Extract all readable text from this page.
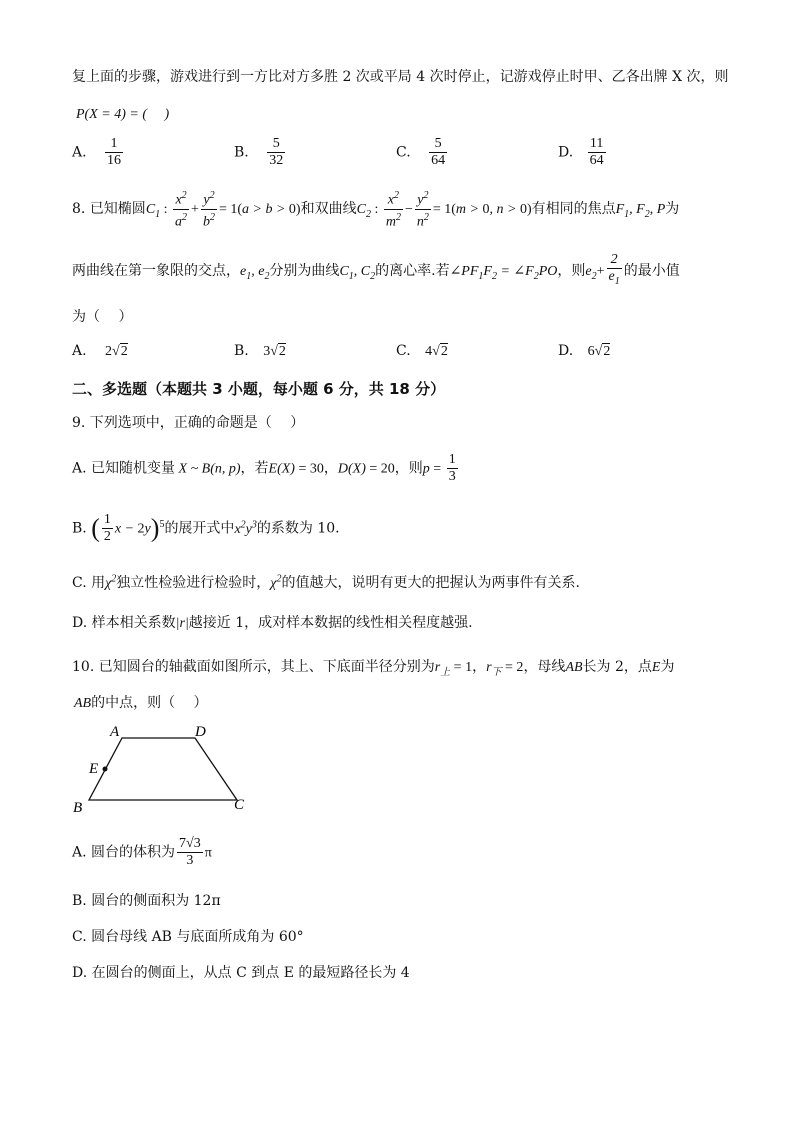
复上面的步骤，游戏进行到一方比对方多胜 2 次或平局 4 次时停止，记游戏停止时甲、乙各出牌 X 次，则
P(X = 4) = (　 )
A. $\frac{1}{16}$	B. $\frac{5}{32}$	C. $\frac{5}{64}$	D. $\frac{11}{64}$
8. 已知椭圆$C_1$ : $\frac{x^2}{a^2} + \frac{y^2}{b^2} = 1(a > b > 0)$和双曲线$C_2$ : $\frac{x^2}{m^2} - \frac{y^2}{n^2} = 1(m > 0$, n > 0)有相同的焦点$F_1$, $F_2$, P为
两曲线在第一象限的交点，$e_1$, $e_2$分别为曲线$C_1$, $C_2$的离心率.若$\angle PF_1F_2$ = $\angle F_2PO$，则$e_2+ \frac{2}{e_1}$ 的最小值
为（　 ）
A. 2√2	B. 3√2	C. 4√2	D. 6√2
二、多选题（本题共 3 小题，每小题 6 分，共 18 分）
9. 下列选项中，正确的命题是（　 ）
A. 已知随机变量 X ~ B(n, p)，若E(X) = 30，D(X) = 20，则$p = \frac{1}{3}$
B. ( $\frac{1}{2}$ x − 2y)$^5$的展开式中$x^2y^3$的系数为 10.
C. 用$\chi^2$独立性检验进行检验时，$\chi^2$的值越大，说明有更大的把握认为两事件有关系.
D. 样本相关系数|r|越接近 1，成对样本数据的线性相关程度越强.
10. 已知圆台的轴截面如图所示，其上、下底面半径分别为$r_上 = 1$，$r_下 = 2$，母线AB长为 2，点E为
AB的中点，则（　 ）
A	D
E
B	C
A. 圆台的体积为 $\frac{7√3}{3}$ π
B. 圆台的侧面积为 12π
C. 圆台母线 AB 与底面所成角为 60°
D. 在圆台的侧面上，从点 C 到点 E 的最短路径长为 4
